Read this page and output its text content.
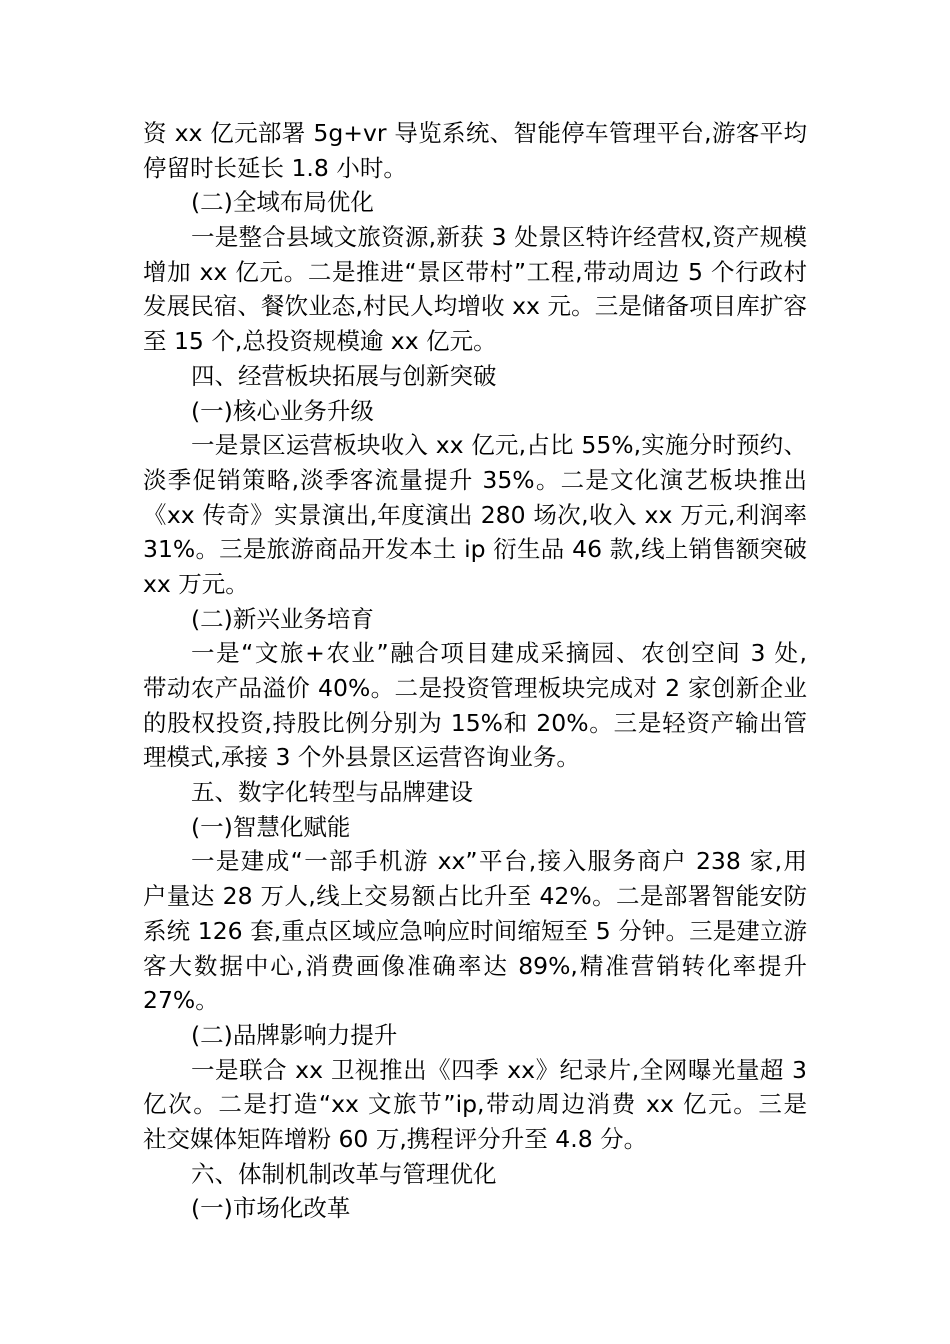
资 xx 亿元部署 5g+vr 导览系统、智能停车管理平台,游客平均
停留时长延长 1.8 小时。
(二)全域布局优化
一是整合县域文旅资源,新获 3 处景区特许经营权,资产规模
增加 xx 亿元。二是推进“景区带村”工程,带动周边 5 个行政村
发展民宿、餐饮业态,村民人均增收 xx 元。三是储备项目库扩容
至 15 个,总投资规模逾 xx 亿元。
四、经营板块拓展与创新突破
(一)核心业务升级
一是景区运营板块收入 xx 亿元,占比 55%,实施分时预约、
淡季促销策略,淡季客流量提升 35%。二是文化演艺板块推出
《xx 传奇》实景演出,年度演出 280 场次,收入 xx 万元,利润率
31%。三是旅游商品开发本土 ip 衍生品 46 款,线上销售额突破
xx 万元。
(二)新兴业务培育
一是“文旅+农业”融合项目建成采摘园、农创空间 3 处,
带动农产品溢价 40%。二是投资管理板块完成对 2 家创新企业
的股权投资,持股比例分别为 15%和 20%。三是轻资产输出管
理模式,承接 3 个外县景区运营咨询业务。
五、数字化转型与品牌建设
(一)智慧化赋能
一是建成“一部手机游 xx”平台,接入服务商户 238 家,用
户量达 28 万人,线上交易额占比升至 42%。二是部署智能安防
系统 126 套,重点区域应急响应时间缩短至 5 分钟。三是建立游
客大数据中心,消费画像准确率达 89%,精准营销转化率提升
27%。
(二)品牌影响力提升
一是联合 xx 卫视推出《四季 xx》纪录片,全网曝光量超 3
亿次。二是打造“xx 文旅节”ip,带动周边消费 xx 亿元。三是
社交媒体矩阵增粉 60 万,携程评分升至 4.8 分。
六、体制机制改革与管理优化
(一)市场化改革
